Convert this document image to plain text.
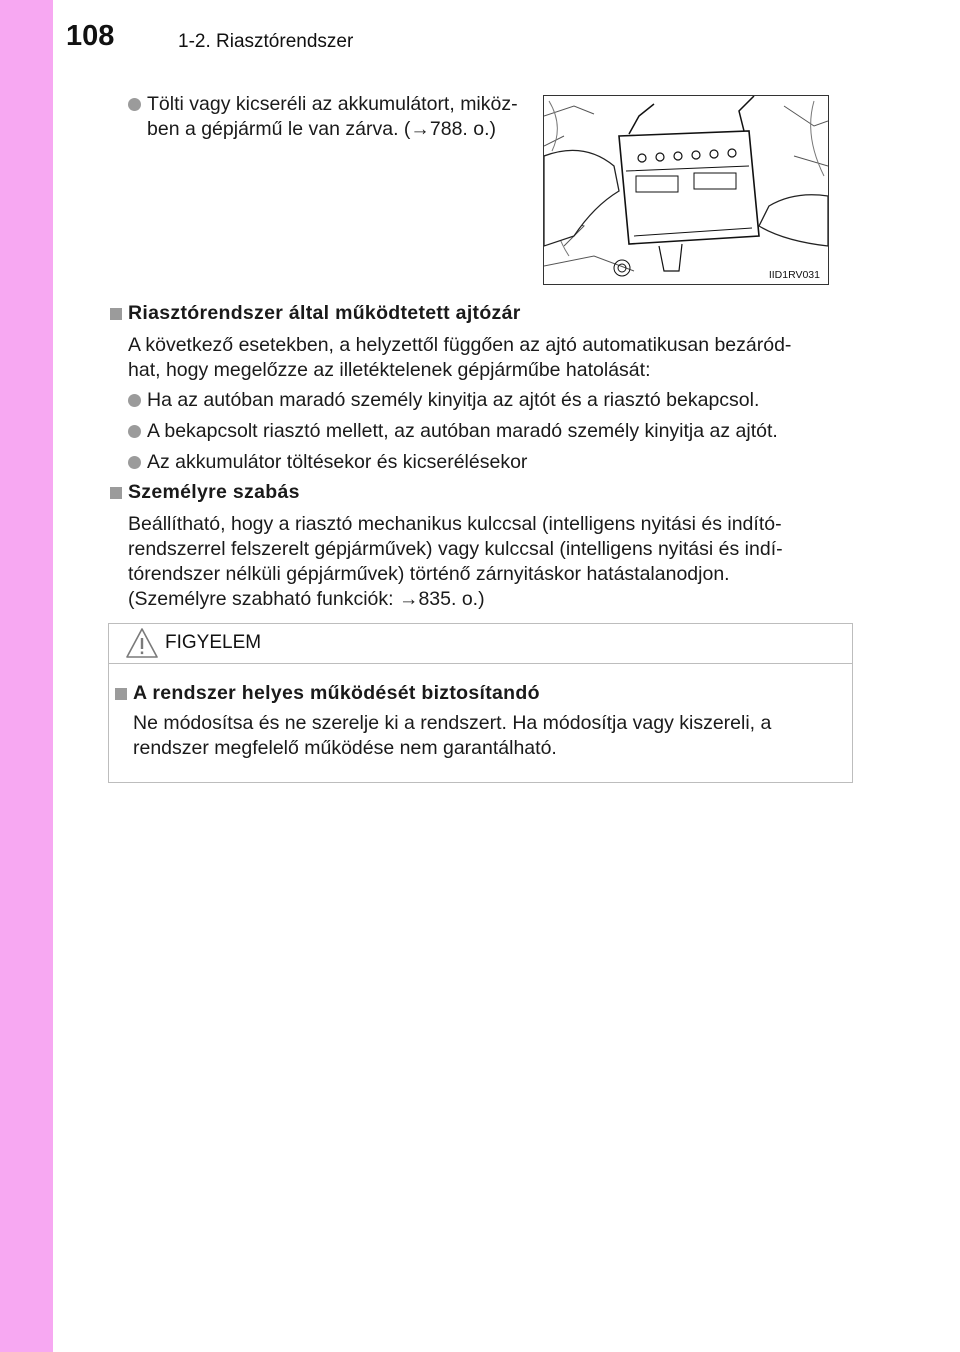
108	1-2. Riasztórendszer
Tölti vagy kicseréli az akkumulátort, miköz-
ben a gépjármű le van zárva. (→788. o.)
IID1RV031
Riasztórendszer által működtetett ajtózár
A következő esetekben, a helyzettől függően az ajtó automatikusan bezáród-
hat, hogy megelőzze az illetéktelenek gépjárműbe hatolását:
Ha az autóban maradó személy kinyitja az ajtót és a riasztó bekapcsol.
A bekapcsolt riasztó mellett, az autóban maradó személy kinyitja az ajtót.
Az akkumulátor töltésekor és kicserélésekor
Személyre szabás
Beállítható, hogy a riasztó mechanikus kulccsal (intelligens nyitási és indító-
rendszerrel felszerelt gépjárművek) vagy kulccsal (intelligens nyitási és indí-
tórendszer nélküli gépjárművek) történő zárnyitáskor hatástalanodjon.
(Személyre szabható funkciók: →835. o.)
FIGYELEM
A rendszer helyes működését biztosítandó
Ne módosítsa és ne szerelje ki a rendszert. Ha módosítja vagy kiszereli, a
rendszer megfelelő működése nem garantálható.
